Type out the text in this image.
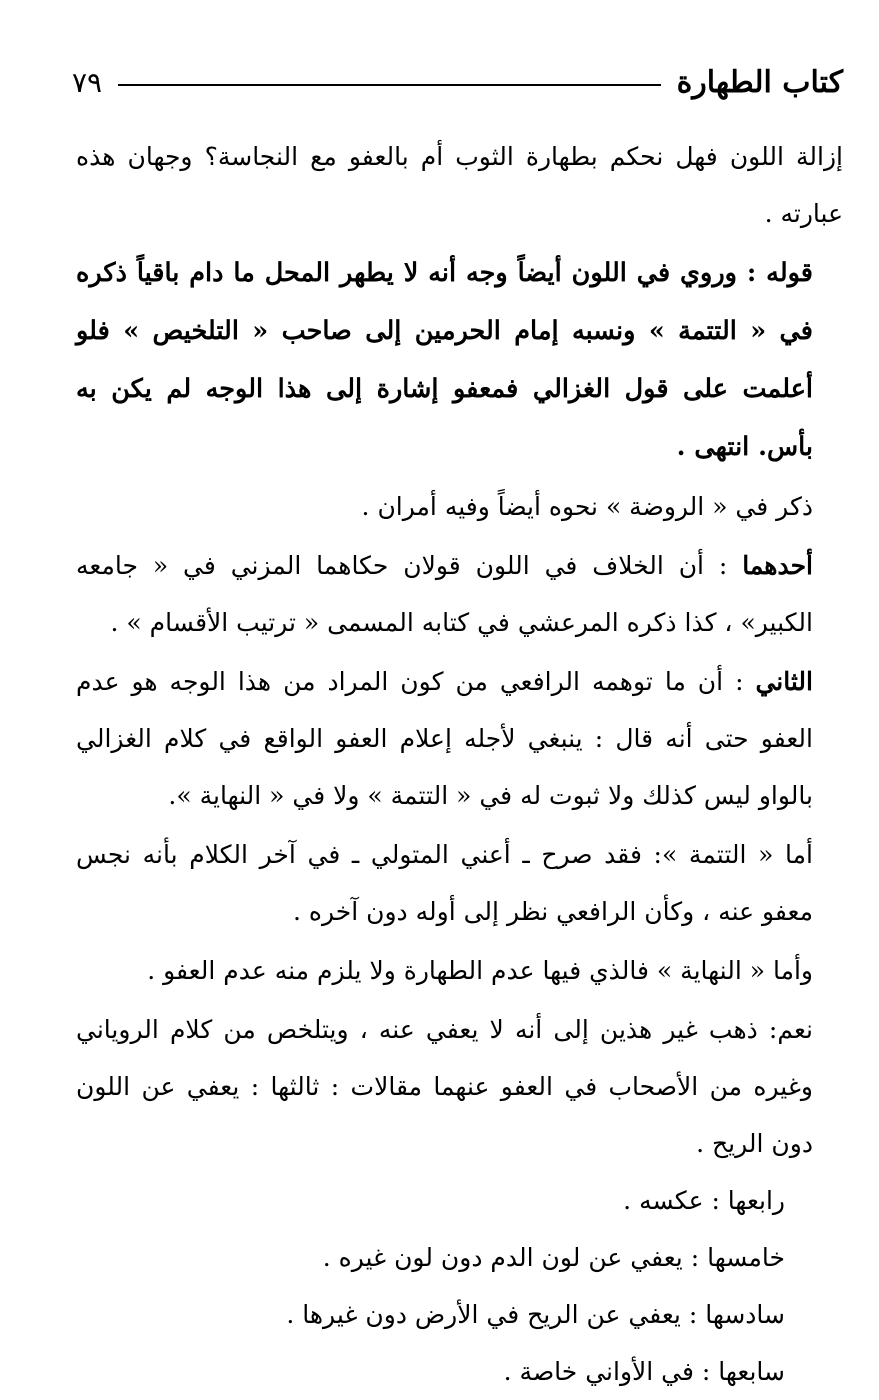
كتاب الطهارة
٧٩

إزالة اللون فهل نحكم بطهارة الثوب أم بالعفو مع النجاسة؟ وجهان هذه عبارته .

قوله : وروي في اللون أيضاً وجه أنه لا يطهر المحل ما دام باقياً ذكره في « التتمة » ونسبه إمام الحرمين إلى صاحب « التلخيص » فلو أعلمت على قول الغزالي فمعفو إشارة إلى هذا الوجه لم يكن به بأس. انتهى .

ذكر في « الروضة » نحوه أيضاً وفيه أمران .

أحدهما : أن الخلاف في اللون قولان حكاهما المزني في « جامعه الكبير» ، كذا ذكره المرعشي في كتابه المسمى « ترتيب الأقسام » .

الثاني : أن ما توهمه الرافعي من كون المراد من هذا الوجه هو عدم العفو حتى أنه قال : ينبغي لأجله إعلام العفو الواقع في كلام الغزالي بالواو ليس كذلك ولا ثبوت له في « التتمة » ولا في « النهاية ».

أما « التتمة »: فقد صرح ـ أعني المتولي ـ في آخر الكلام بأنه نجس معفو عنه ، وكأن الرافعي نظر إلى أوله دون آخره .

وأما « النهاية » فالذي فيها عدم الطهارة ولا يلزم منه عدم العفو .

نعم: ذهب غير هذين إلى أنه لا يعفي عنه ، ويتلخص من كلام الروياني وغيره من الأصحاب في العفو عنهما مقالات : ثالثها : يعفي عن اللون دون الريح .

رابعها : عكسه .

خامسها : يعفي عن لون الدم دون لون غيره .

سادسها : يعفي عن الريح في الأرض دون غيرها .

سابعها : في الأواني خاصة .
